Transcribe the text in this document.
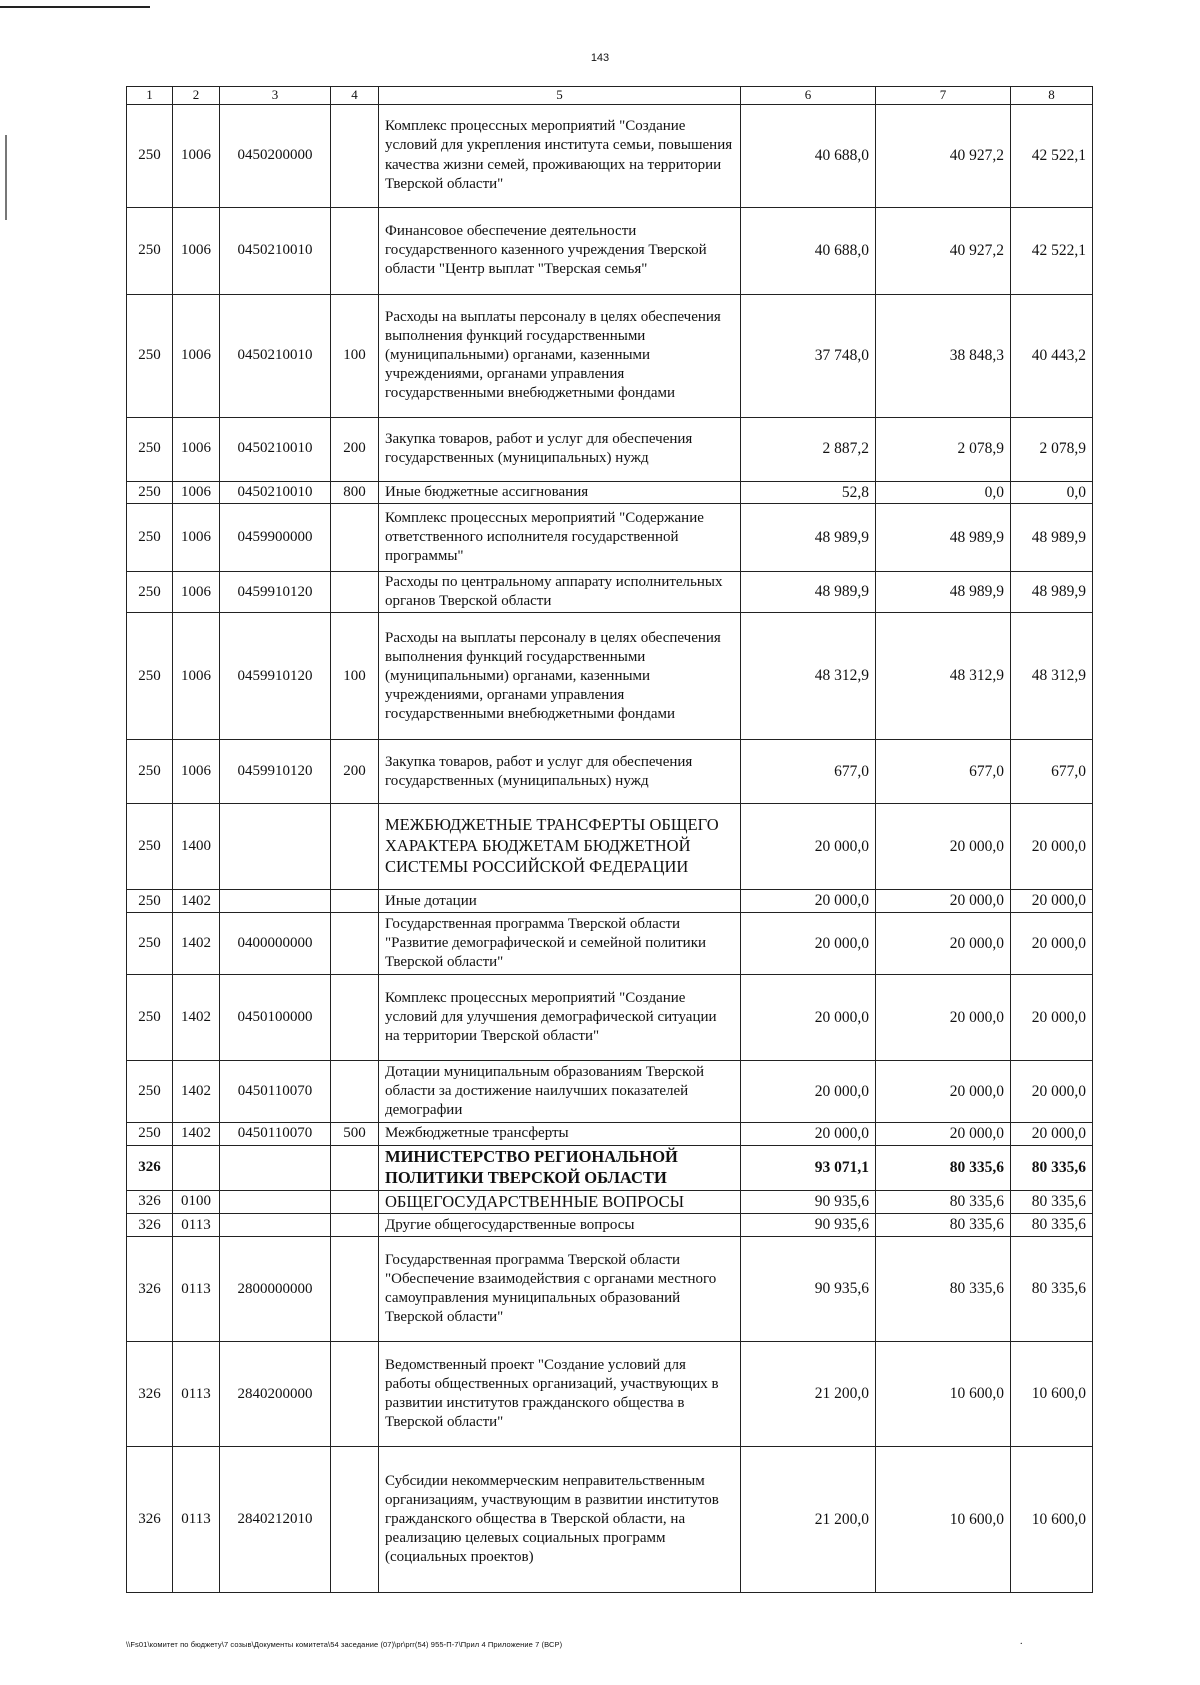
143
1	2	3	4	5	6	7	8
250	1006	0450200000		Комплекс процессных мероприятий "Создание условий для укрепления института семьи, повышения качества жизни семей, проживающих на территории Тверской области"	40 688,0	40 927,2	42 522,1
250	1006	0450210010		Финансовое обеспечение деятельности государственного казенного учреждения Тверской области "Центр выплат "Тверская семья"	40 688,0	40 927,2	42 522,1
250	1006	0450210010	100	Расходы на выплаты персоналу в целях обеспечения выполнения функций государственными (муниципальными) органами, казенными учреждениями, органами управления государственными внебюджетными фондами	37 748,0	38 848,3	40 443,2
250	1006	0450210010	200	Закупка товаров, работ и услуг для обеспечения государственных (муниципальных) нужд	2 887,2	2 078,9	2 078,9
250	1006	0450210010	800	Иные бюджетные ассигнования	52,8	0,0	0,0
250	1006	0459900000		Комплекс процессных мероприятий "Содержание ответственного исполнителя государственной программы"	48 989,9	48 989,9	48 989,9
250	1006	0459910120		Расходы по центральному аппарату исполнительных органов Тверской области	48 989,9	48 989,9	48 989,9
250	1006	0459910120	100	Расходы на выплаты персоналу в целях обеспечения выполнения функций государственными (муниципальными) органами, казенными учреждениями, органами управления государственными внебюджетными фондами	48 312,9	48 312,9	48 312,9
250	1006	0459910120	200	Закупка товаров, работ и услуг для обеспечения государственных (муниципальных) нужд	677,0	677,0	677,0
250	1400			МЕЖБЮДЖЕТНЫЕ ТРАНСФЕРТЫ ОБЩЕГО ХАРАКТЕРА БЮДЖЕТАМ БЮДЖЕТНОЙ СИСТЕМЫ РОССИЙСКОЙ ФЕДЕРАЦИИ	20 000,0	20 000,0	20 000,0
250	1402			Иные дотации	20 000,0	20 000,0	20 000,0
250	1402	0400000000		Государственная программа Тверской области "Развитие демографической и семейной политики Тверской области"	20 000,0	20 000,0	20 000,0
250	1402	0450100000		Комплекс процессных мероприятий "Создание условий для улучшения демографической ситуации на территории Тверской области"	20 000,0	20 000,0	20 000,0
250	1402	0450110070		Дотации муниципальным образованиям Тверской области за достижение наилучших показателей демографии	20 000,0	20 000,0	20 000,0
250	1402	0450110070	500	Межбюджетные трансферты	20 000,0	20 000,0	20 000,0
326				МИНИСТЕРСТВО РЕГИОНАЛЬНОЙ ПОЛИТИКИ ТВЕРСКОЙ ОБЛАСТИ	93 071,1	80 335,6	80 335,6
326	0100			ОБЩЕГОСУДАРСТВЕННЫЕ ВОПРОСЫ	90 935,6	80 335,6	80 335,6
326	0113			Другие общегосударственные вопросы	90 935,6	80 335,6	80 335,6
326	0113	2800000000		Государственная программа Тверской области "Обеспечение взаимодействия с органами местного самоуправления муниципальных образований Тверской области"	90 935,6	80 335,6	80 335,6
326	0113	2840200000		Ведомственный проект "Создание условий для работы общественных организаций, участвующих в развитии институтов гражданского общества в Тверской области"	21 200,0	10 600,0	10 600,0
326	0113	2840212010		Субсидии некоммерческим неправительственным организациям, участвующим в развитии институтов гражданского общества в Тверской области, на реализацию целевых социальных программ (социальных проектов)	21 200,0	10 600,0	10 600,0
\\Fs01\комитет по бюджету\7 созыв\Документы комитета\54 заседание (07)\pr\prr(54) 955-П-7\Прил 4 Приложение 7 (ВСР)	.
